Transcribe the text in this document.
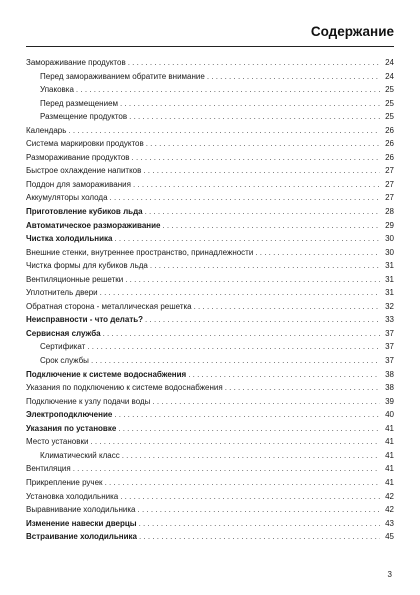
Содержание
Замораживание продуктов . . .	24
Перед замораживанием обратите внимание . . .	24
Упаковка . . .	25
Перед размещением . . .	25
Размещение продуктов . . .	25
Календарь . . .	26
Система маркировки продуктов . . .	26
Размораживание продуктов . . .	26
Быстрое охлаждение напитков . . .	27
Поддон для замораживания . . .	27
Аккумуляторы холода . . .	27
Приготовление кубиков льда . . .	28
Автоматическое размораживание . . .	29
Чистка холодильника . . .	30
Внешние стенки, внутреннее пространство, принадлежности . . .	30
Чистка формы для кубиков льда . . .	31
Вентиляционные решетки . . .	31
Уплотнитель двери . . .	31
Обратная сторона - металлическая решетка . . .	32
Неисправности - что делать? . . .	33
Сервисная служба . . .	37
Сертификат . . .	37
Срок службы . . .	37
Подключение к системе водоснабжения . . .	38
Указания по подключению к системе водоснабжения . . .	38
Подключение к узлу подачи воды . . .	39
Электроподключение . . .	40
Указания по установке . . .	41
Место установки . . .	41
Климатический класс . . .	41
Вентиляция . . .	41
Прикрепление ручек . . .	41
Установка холодильника . . .	42
Выравнивание холодильника . . .	42
Изменение навески дверцы . . .	43
Встраивание холодильника . . .	45
3
